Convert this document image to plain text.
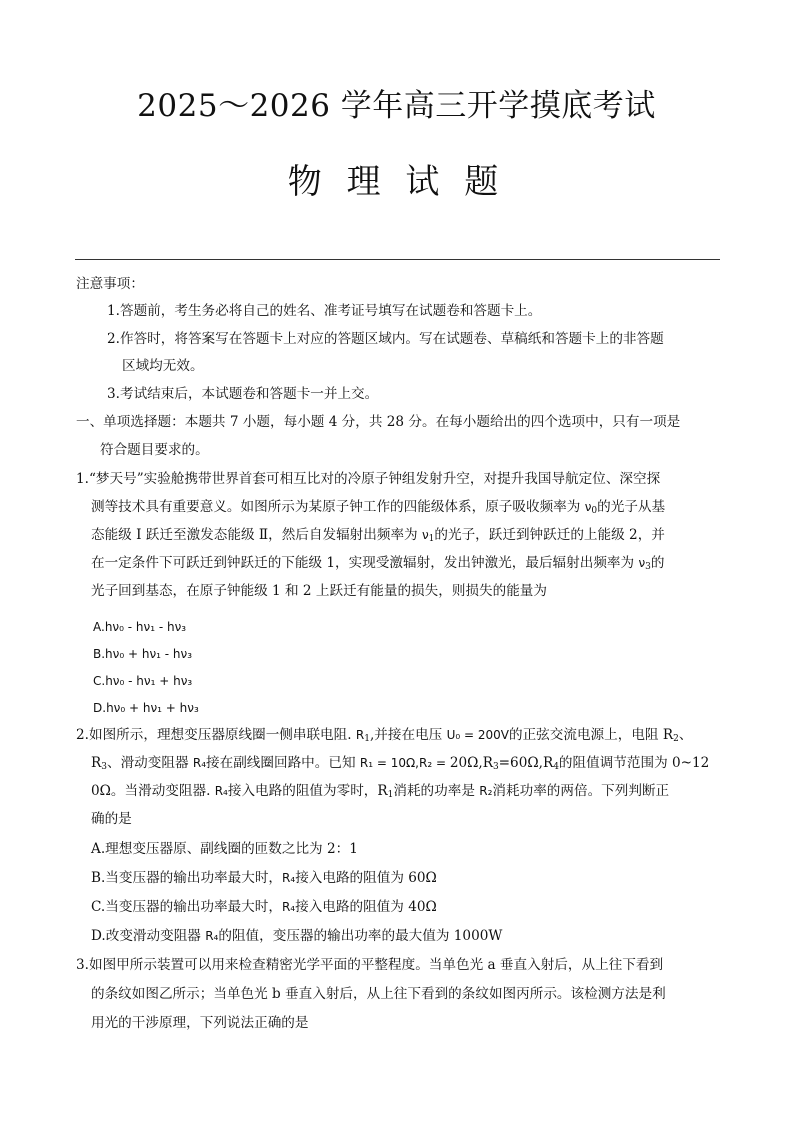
2025～2026 学年高三开学摸底考试
物 理 试 题
注意事项：
1.答题前，考生务必将自己的姓名、准考证号填写在试题卷和答题卡上。
2.作答时，将答案写在答题卡上对应的答题区域内。写在试题卷、草稿纸和答题卡上的非答题
区域均无效。
3.考试结束后，本试题卷和答题卡一并上交。
一、单项选择题：本题共 7 小题，每小题 4 分，共 28 分。在每小题给出的四个选项中，只有一项是
符合题目要求的。
1.“梦天号”实验舱携带世界首套可相互比对的冷原子钟组发射升空，对提升我国导航定位、深空探
测等技术具有重要意义。如图所示为某原子钟工作的四能级体系，原子吸收频率为 $\nu_0$的光子从基
态能级 Ⅰ 跃迁至激发态能级 Ⅱ，然后自发辐射出频率为 $\nu_1$的光子，跃迁到钟跃迁的上能级 2，并
在一定条件下可跃迁到钟跃迁的下能级 1，实现受激辐射，发出钟激光，最后辐射出频率为 $\nu_3$的
光子回到基态，在原子钟能级 1 和 2 上跃迁有能量的损失，则损失的能量为
A.hν₀ - hν₁ - hν₃
B.hν₀ + hν₁ - hν₃
C.hν₀ - hν₁ + hν₃
D.hν₀ + hν₁ + hν₃
2.如图所示，理想变压器原线圈一侧串联电阻. $R_1$,并接在电压 U₀ = 200V的正弦交流电源上，电阻 $R_2$、
$R_3$、滑动变阻器 R₄接在副线圈回路中。已知 $R_1 = 10\Omega,R_2 = 20\Omega,R_3=60\Omega,R_4$的阻值调节范围为 0~12
0Ω。当滑动变阻器. R₄接入电路的阻值为零时，$R_1$消耗的功率是 R₂消耗功率的两倍。下列判断正
确的是
A.理想变压器原、副线圈的匝数之比为 2：1
B.当变压器的输出功率最大时，R₄接入电路的阻值为 60Ω
C.当变压器的输出功率最大时，R₄接入电路的阻值为 40Ω
D.改变滑动变阻器 R₄的阻值，变压器的输出功率的最大值为 1000W
3.如图甲所示装置可以用来检查精密光学平面的平整程度。当单色光 a 垂直入射后，从上往下看到
的条纹如图乙所示；当单色光 b 垂直入射后，从上往下看到的条纹如图丙所示。该检测方法是利
用光的干涉原理，下列说法正确的是
